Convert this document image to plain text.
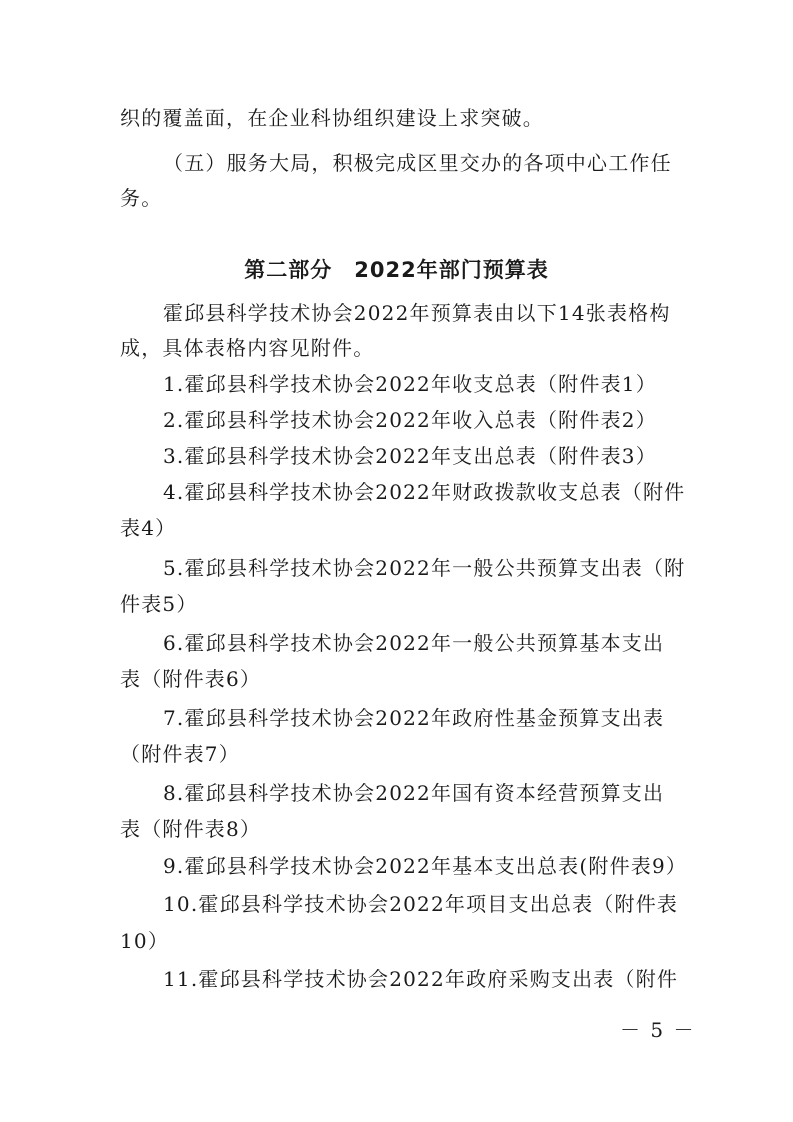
织的覆盖面，在企业科协组织建设上求突破。
（五）服务大局，积极完成区里交办的各项中心工作任
务。
第二部分　2022年部门预算表
霍邱县科学技术协会2022年预算表由以下14张表格构
成，具体表格内容见附件。
1.霍邱县科学技术协会2022年收支总表（附件表1）
2.霍邱县科学技术协会2022年收入总表（附件表2）
3.霍邱县科学技术协会2022年支出总表（附件表3）
4.霍邱县科学技术协会2022年财政拨款收支总表（附件
表4）
5.霍邱县科学技术协会2022年一般公共预算支出表（附
件表5）
6.霍邱县科学技术协会2022年一般公共预算基本支出
表（附件表6）
7.霍邱县科学技术协会2022年政府性基金预算支出表
（附件表7）
8.霍邱县科学技术协会2022年国有资本经营预算支出
表（附件表8）
9.霍邱县科学技术协会2022年基本支出总表(附件表9）
10.霍邱县科学技术协会2022年项目支出总表（附件表
10）
11.霍邱县科学技术协会2022年政府采购支出表（附件
－ 5 －
